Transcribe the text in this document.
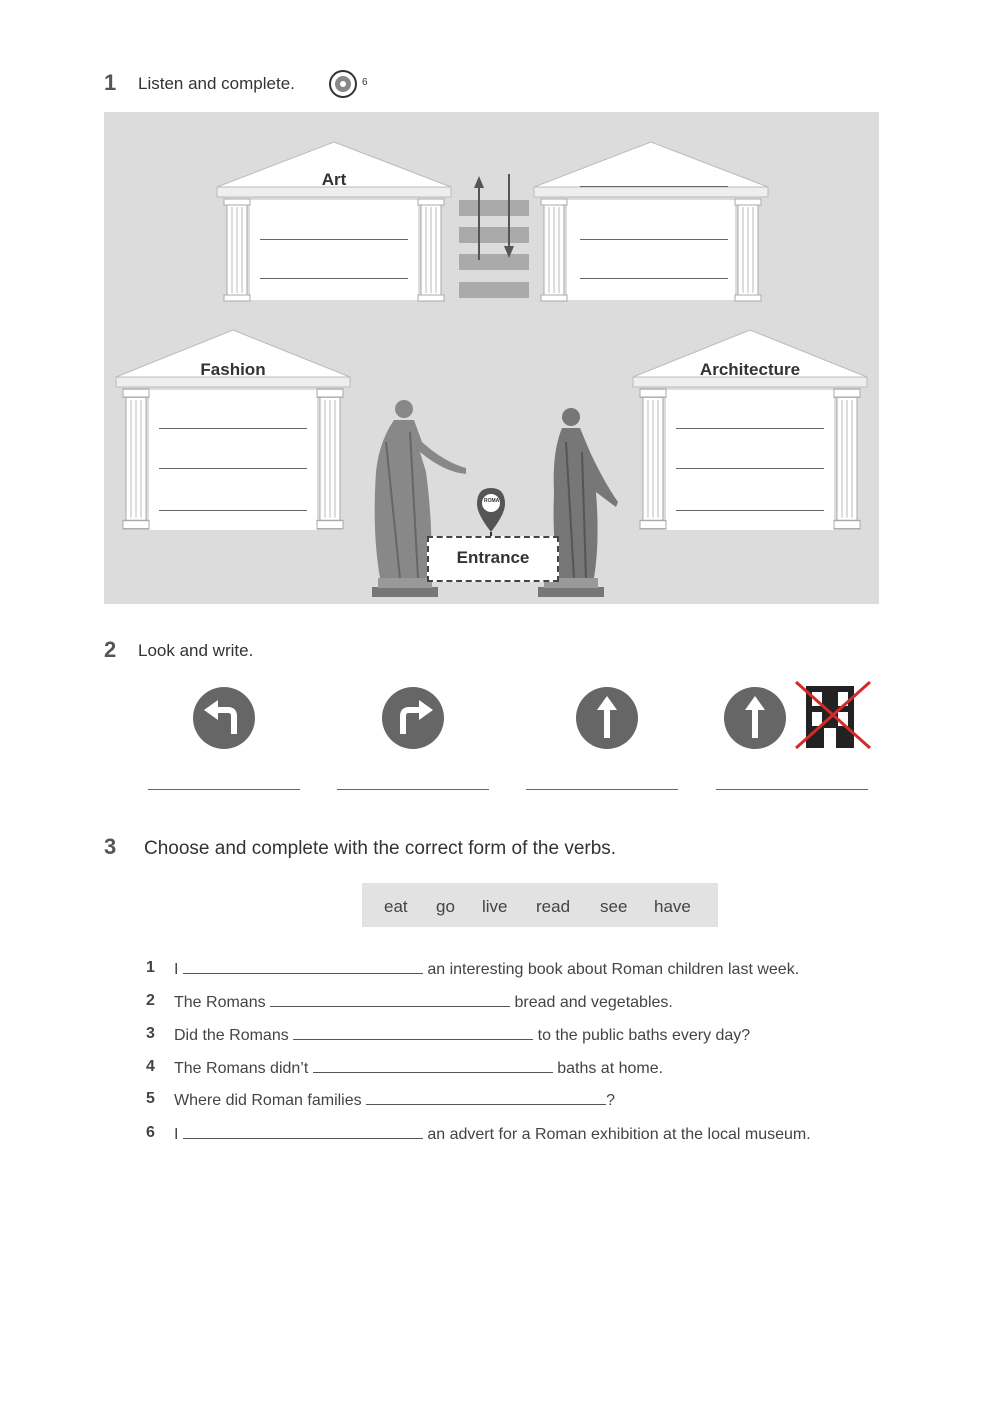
1 Listen and complete.	6
Art
Fashion	Architecture
ROMA
Entrance
2 Look and write.
3 Choose and complete with the correct form of the verbs.
eat go live read see have
1 I	an interesting book about Roman children last week.
2 The Romans	bread and vegetables.
3 Did the Romans	to the public baths every day?
4 The Romans didn’t	baths at home.
5 Where did Roman families	?
6 I	an advert for a Roman exhibition at the local museum.
